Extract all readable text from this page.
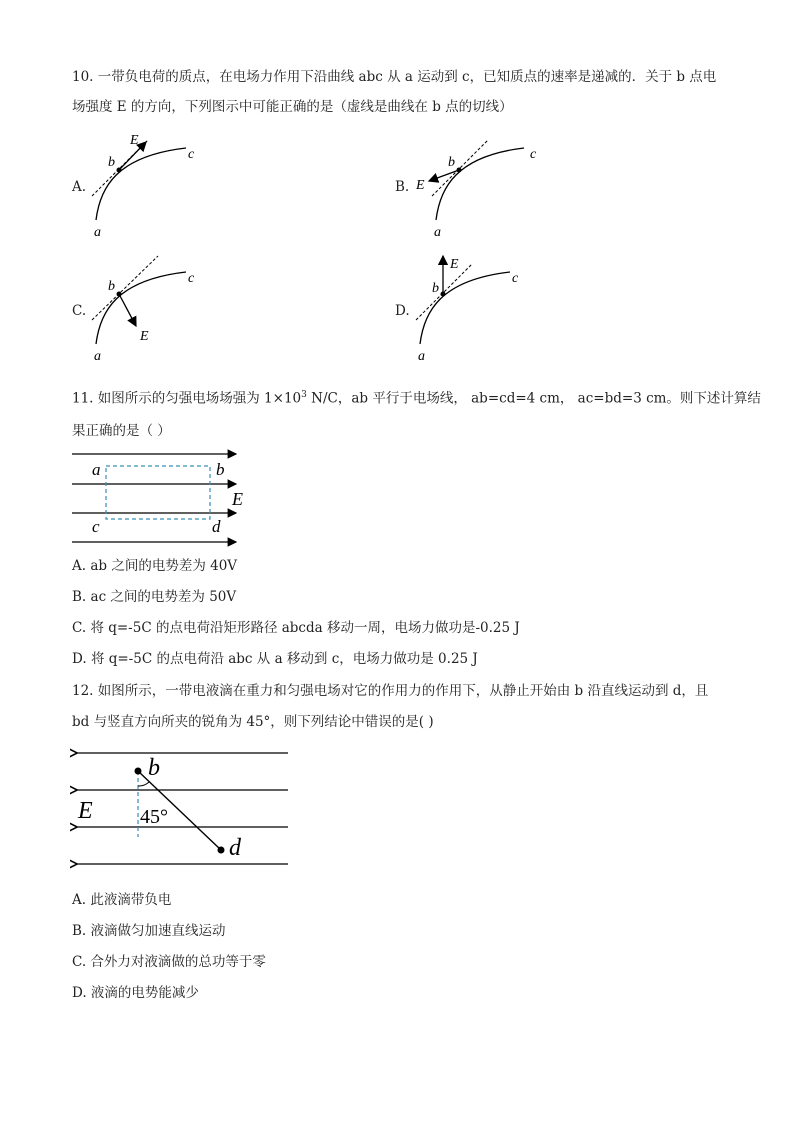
10. 一带负电荷的质点，在电场力作用下沿曲线 abc 从 a 运动到 c，已知质点的速率是递减的．关于 b 点电
场强度 E 的方向，下列图示中可能正确的是（虚线是曲线在 b 点的切线）
A.	B.
C.	D.
a
b
c
E
a
b
c
E
a
b
c
E
a
b
c
E
11. 如图所示的匀强电场场强为 $1\times 10^3$ N/C，ab 平行于电场线， ab=cd=4 cm， ac=bd=3 cm。则下述计算结
果正确的是（ ）
a	b
c	d
E
A. ab 之间的电势差为 40V
B. ac 之间的电势差为 50V
C. 将 q=-5C 的点电荷沿矩形路径 abcda 移动一周，电场力做功是-0.25 J
D. 将 q=-5C 的点电荷沿 abc 从 a 移动到 c，电场力做功是 0.25 J
12. 如图所示，一带电液滴在重力和匀强电场对它的作用力的作用下，从静止开始由 b 沿直线运动到 d，且
bd 与竖直方向所夹的锐角为 45°，则下列结论中错误的是( )
b
d
E 45°
A. 此液滴带负电
B. 液滴做匀加速直线运动
C. 合外力对液滴做的总功等于零
D. 液滴的电势能减少
